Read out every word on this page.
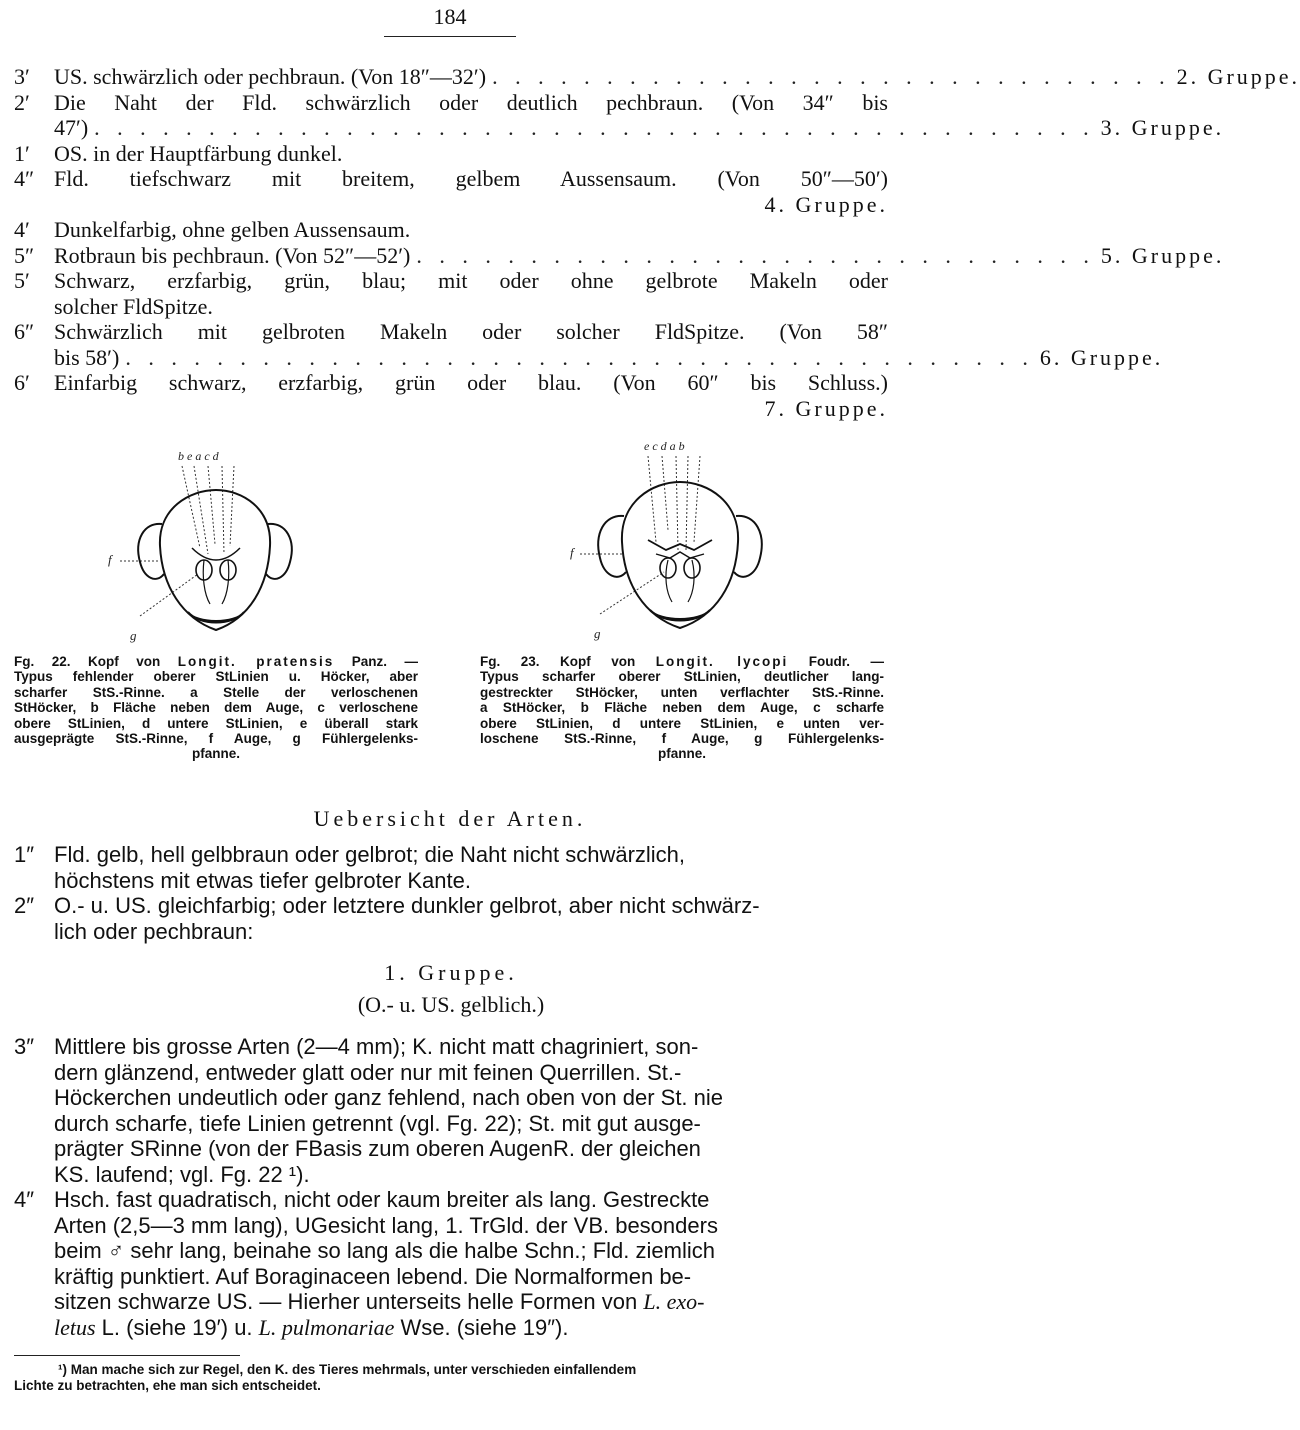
184
3′	US. schwärzlich oder pechbraun. (Von 18″—32′) . . . . . . . . . . . . . . . . . . . . . . . . . . . . . . 2. Gruppe.
2′	Die Naht der Fld. schwärzlich oder deutlich pechbraun. (Von 34″ bis
47′) . . . . . . . . . . . . . . . . . . . . . . . . . . . . . . . . . . . . . . . . . . . . 3. Gruppe.
1′	OS. in der Hauptfärbung dunkel.
4″ Fld. tiefschwarz mit breitem, gelbem Aussensaum. (Von 50″—50′)
4. Gruppe.
4′	Dunkelfarbig, ohne gelben Aussensaum.
5″ Rotbraun bis pechbraun. (Von 52″—52′) . . . . . . . . . . . . . . . . . . . . . . . . . . . . . . 5. Gruppe.
5′	Schwarz, erzfarbig, grün, blau; mit oder ohne gelbrote Makeln oder
solcher FldSpitze.
6″ Schwärzlich mit gelbroten Makeln oder solcher FldSpitze. (Von 58″
bis 58′) . . . . . . . . . . . . . . . . . . . . . . . . . . . . . . . . . . . . . . . . 6. Gruppe.
6′	Einfarbig schwarz, erzfarbig, grün oder blau. (Von 60″ bis Schluss.)
7. Gruppe.
b e a c d
f
g
e c d a b
f
g
Fg. 22. Kopf von Longit. pratensis Panz. —
Typus fehlender oberer StLinien u. Höcker, aber
scharfer StS.-Rinne. a Stelle der verloschenen
StHöcker, b Fläche neben dem Auge, c verloschene
obere StLinien, d untere StLinien, e überall stark
ausgeprägte StS.-Rinne, f Auge, g Fühlergelenks-
pfanne.
Fg. 23. Kopf von Longit. lycopi Foudr. —
Typus scharfer oberer StLinien, deutlicher lang-
gestreckter StHöcker, unten verflachter StS.-Rinne.
a StHöcker, b Fläche neben dem Auge, c scharfe
obere StLinien, d untere StLinien, e unten ver-
loschene StS.-Rinne, f Auge, g Fühlergelenks-
pfanne.
Uebersicht der Arten.
1″ Fld. gelb, hell gelbbraun oder gelbrot; die Naht nicht schwärzlich,
höchstens mit etwas tiefer gelbroter Kante.
2″ O.- u. US. gleichfarbig; oder letztere dunkler gelbrot, aber nicht schwärz-
lich oder pechbraun:
1. Gruppe.
(O.- u. US. gelblich.)
3″ Mittlere bis grosse Arten (2—4 mm); K. nicht matt chagriniert, son-
dern glänzend, entweder glatt oder nur mit feinen Querrillen. St.-
Höckerchen undeutlich oder ganz fehlend, nach oben von der St. nie
durch scharfe, tiefe Linien getrennt (vgl. Fg. 22); St. mit gut ausge-
prägter SRinne (von der FBasis zum oberen AugenR. der gleichen
KS. laufend; vgl. Fg. 22 ¹).
4″ Hsch. fast quadratisch, nicht oder kaum breiter als lang. Gestreckte
Arten (2,5—3 mm lang), UGesicht lang, 1. TrGld. der VB. besonders
beim ♂ sehr lang, beinahe so lang als die halbe Schn.; Fld. ziemlich
kräftig punktiert. Auf Boraginaceen lebend. Die Normalformen be-
sitzen schwarze US. — Hierher unterseits helle Formen von L. exo-
letus L. (siehe 19′) u. L. pulmonariae Wse. (siehe 19″).
¹) Man mache sich zur Regel, den K. des Tieres mehrmals, unter verschieden einfallendem
Lichte zu betrachten, ehe man sich entscheidet.
